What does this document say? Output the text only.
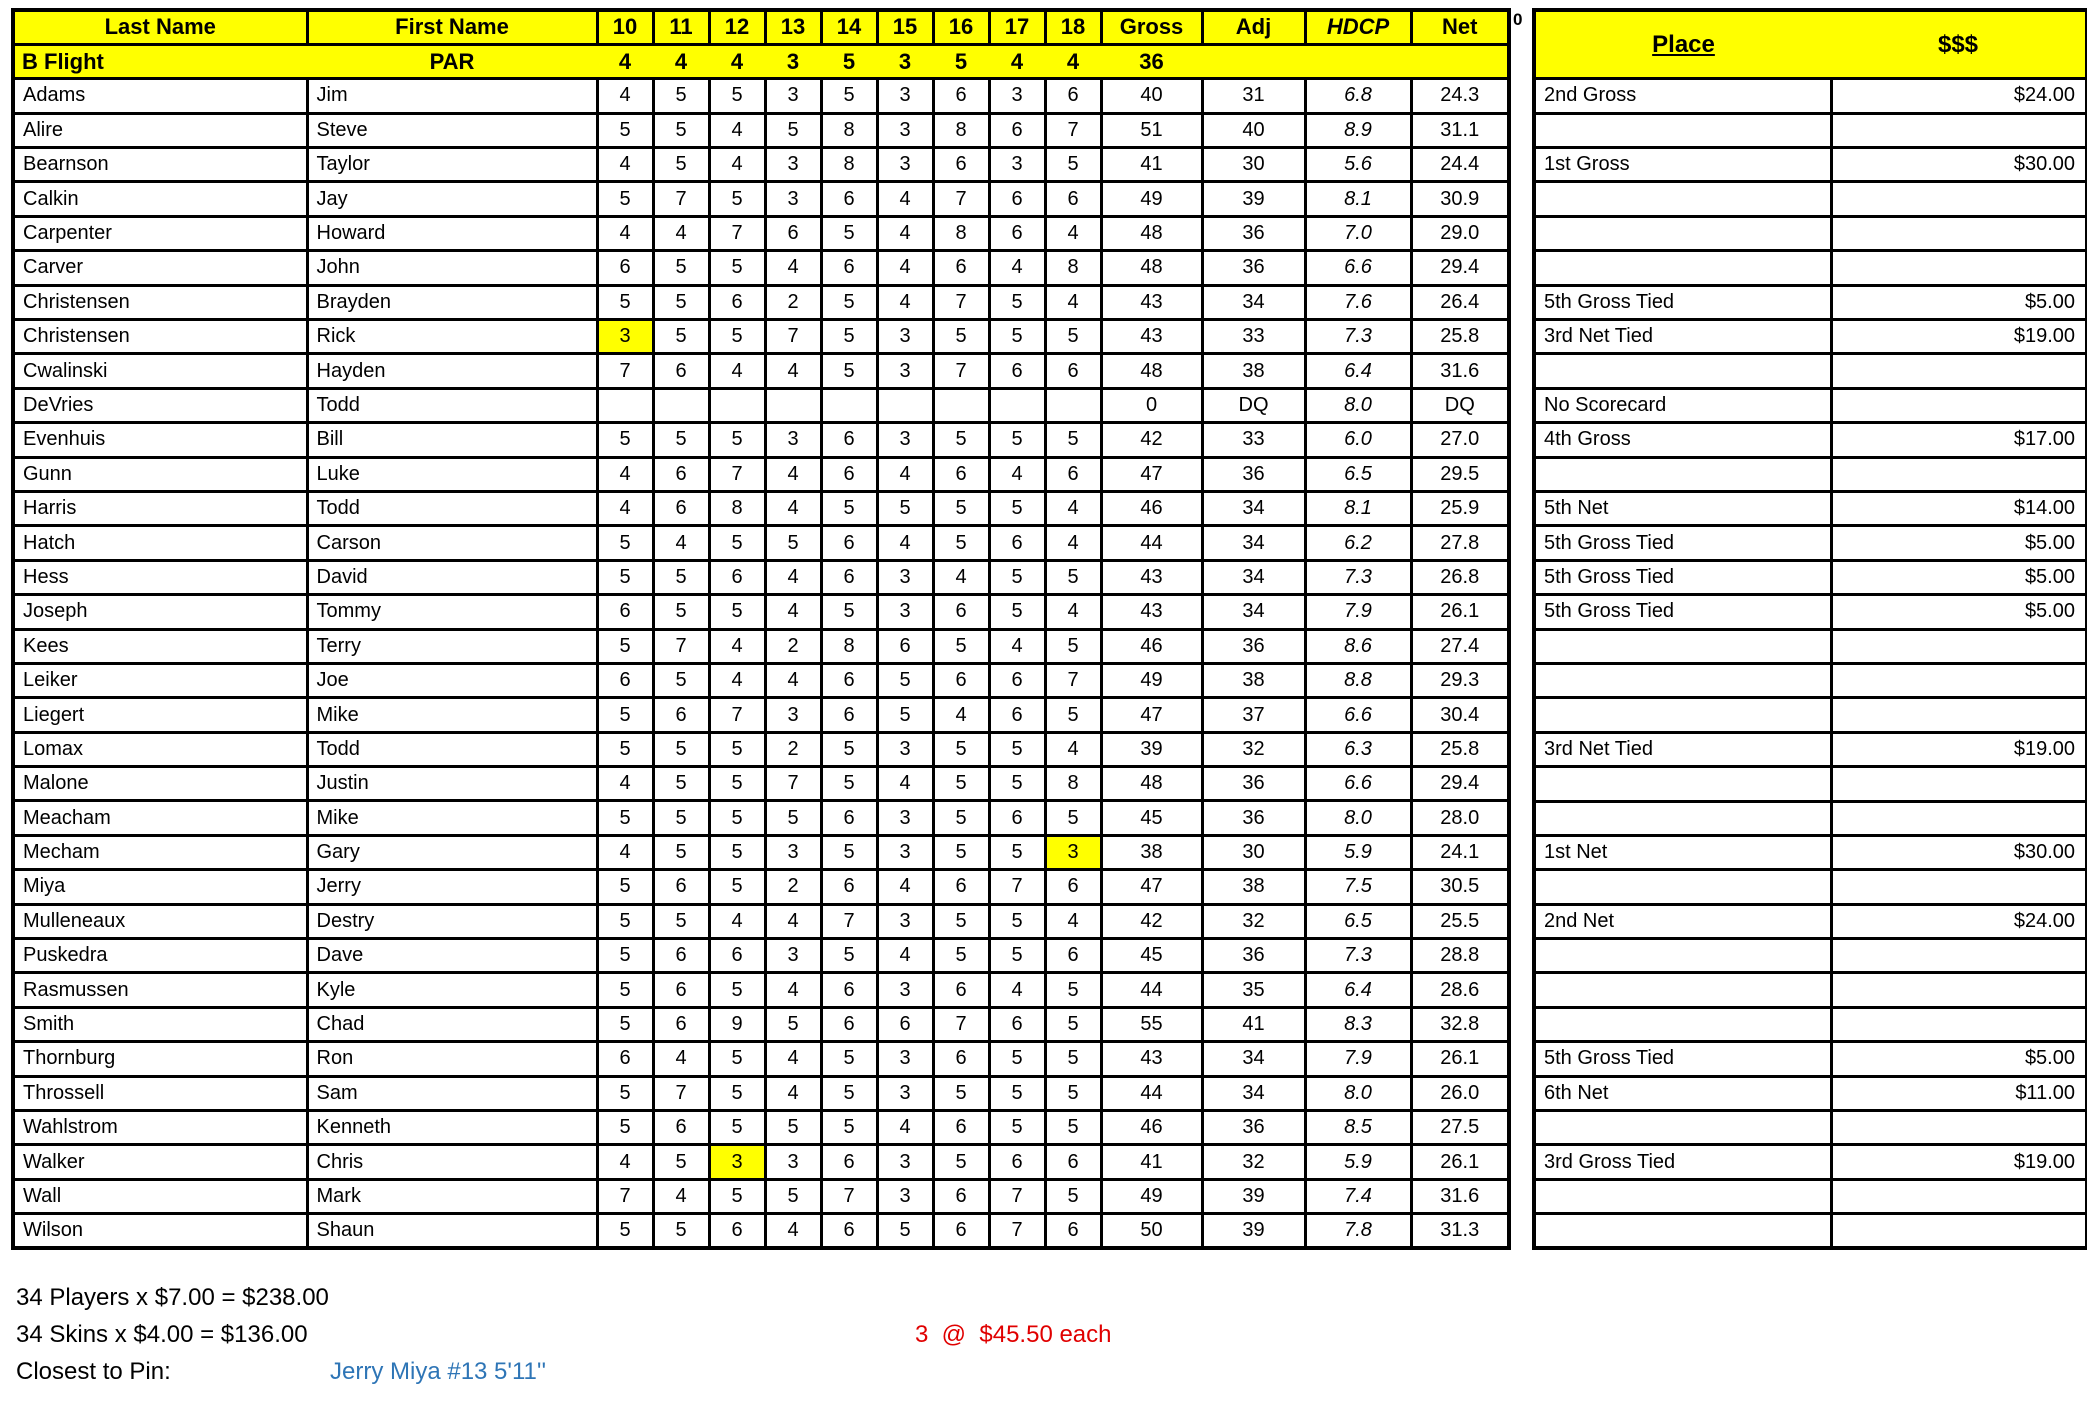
Last Name	First Name	10	11	12	13	14	15	16	17	18	Gross	Adj	HDCP	Net
B Flight	PAR	4	4	4	3	5	3	5	4	4	36			
Adams	Jim	4	5	5	3	5	3	6	3	6	40	31	6.8	24.3
Alire	Steve	5	5	4	5	8	3	8	6	7	51	40	8.9	31.1
Bearnson	Taylor	4	5	4	3	8	3	6	3	5	41	30	5.6	24.4
Calkin	Jay	5	7	5	3	6	4	7	6	6	49	39	8.1	30.9
Carpenter	Howard	4	4	7	6	5	4	8	6	4	48	36	7.0	29.0
Carver	John	6	5	5	4	6	4	6	4	8	48	36	6.6	29.4
Christensen	Brayden	5	5	6	2	5	4	7	5	4	43	34	7.6	26.4
Christensen	Rick	3	5	5	7	5	3	5	5	5	43	33	7.3	25.8
Cwalinski	Hayden	7	6	4	4	5	3	7	6	6	48	38	6.4	31.6
DeVries	Todd										0	DQ	8.0	DQ
Evenhuis	Bill	5	5	5	3	6	3	5	5	5	42	33	6.0	27.0
Gunn	Luke	4	6	7	4	6	4	6	4	6	47	36	6.5	29.5
Harris	Todd	4	6	8	4	5	5	5	5	4	46	34	8.1	25.9
Hatch	Carson	5	4	5	5	6	4	5	6	4	44	34	6.2	27.8
Hess	David	5	5	6	4	6	3	4	5	5	43	34	7.3	26.8
Joseph	Tommy	6	5	5	4	5	3	6	5	4	43	34	7.9	26.1
Kees	Terry	5	7	4	2	8	6	5	4	5	46	36	8.6	27.4
Leiker	Joe	6	5	4	4	6	5	6	6	7	49	38	8.8	29.3
Liegert	Mike	5	6	7	3	6	5	4	6	5	47	37	6.6	30.4
Lomax	Todd	5	5	5	2	5	3	5	5	4	39	32	6.3	25.8
Malone	Justin	4	5	5	7	5	4	5	5	8	48	36	6.6	29.4
Meacham	Mike	5	5	5	5	6	3	5	6	5	45	36	8.0	28.0
Mecham	Gary	4	5	5	3	5	3	5	5	3	38	30	5.9	24.1
Miya	Jerry	5	6	5	2	6	4	6	7	6	47	38	7.5	30.5
Mulleneaux	Destry	5	5	4	4	7	3	5	5	4	42	32	6.5	25.5
Puskedra	Dave	5	6	6	3	5	4	5	5	6	45	36	7.3	28.8
Rasmussen	Kyle	5	6	5	4	6	3	6	4	5	44	35	6.4	28.6
Smith	Chad	5	6	9	5	6	6	7	6	5	55	41	8.3	32.8
Thornburg	Ron	6	4	5	4	5	3	6	5	5	43	34	7.9	26.1
Throssell	Sam	5	7	5	4	5	3	5	5	5	44	34	8.0	26.0
Wahlstrom	Kenneth	5	6	5	5	5	4	6	5	5	46	36	8.5	27.5
Walker	Chris	4	5	3	3	6	3	5	6	6	41	32	5.9	26.1
Wall	Mark	7	4	5	5	7	3	6	7	5	49	39	7.4	31.6
Wilson	Shaun	5	5	6	4	6	5	6	7	6	50	39	7.8	31.3
0
Place	$$$
2nd Gross	$24.00

1st Gross	$30.00

5th Gross Tied	$5.00
3rd Net Tied	$19.00

No Scorecard	
4th Gross	$17.00

5th Net	$14.00
5th Gross Tied	$5.00
5th Gross Tied	$5.00
5th Gross Tied	$5.00

3rd Net Tied	$19.00

1st Net	$30.00

2nd Net	$24.00

5th Gross Tied	$5.00
6th Net	$11.00

3rd Gross Tied	$19.00

34 Players x $7.00 = $238.00
34 Skins x $4.00 = $136.00	3  @  $45.50 each
Closest to Pin:	Jerry Miya #13 5'11''
